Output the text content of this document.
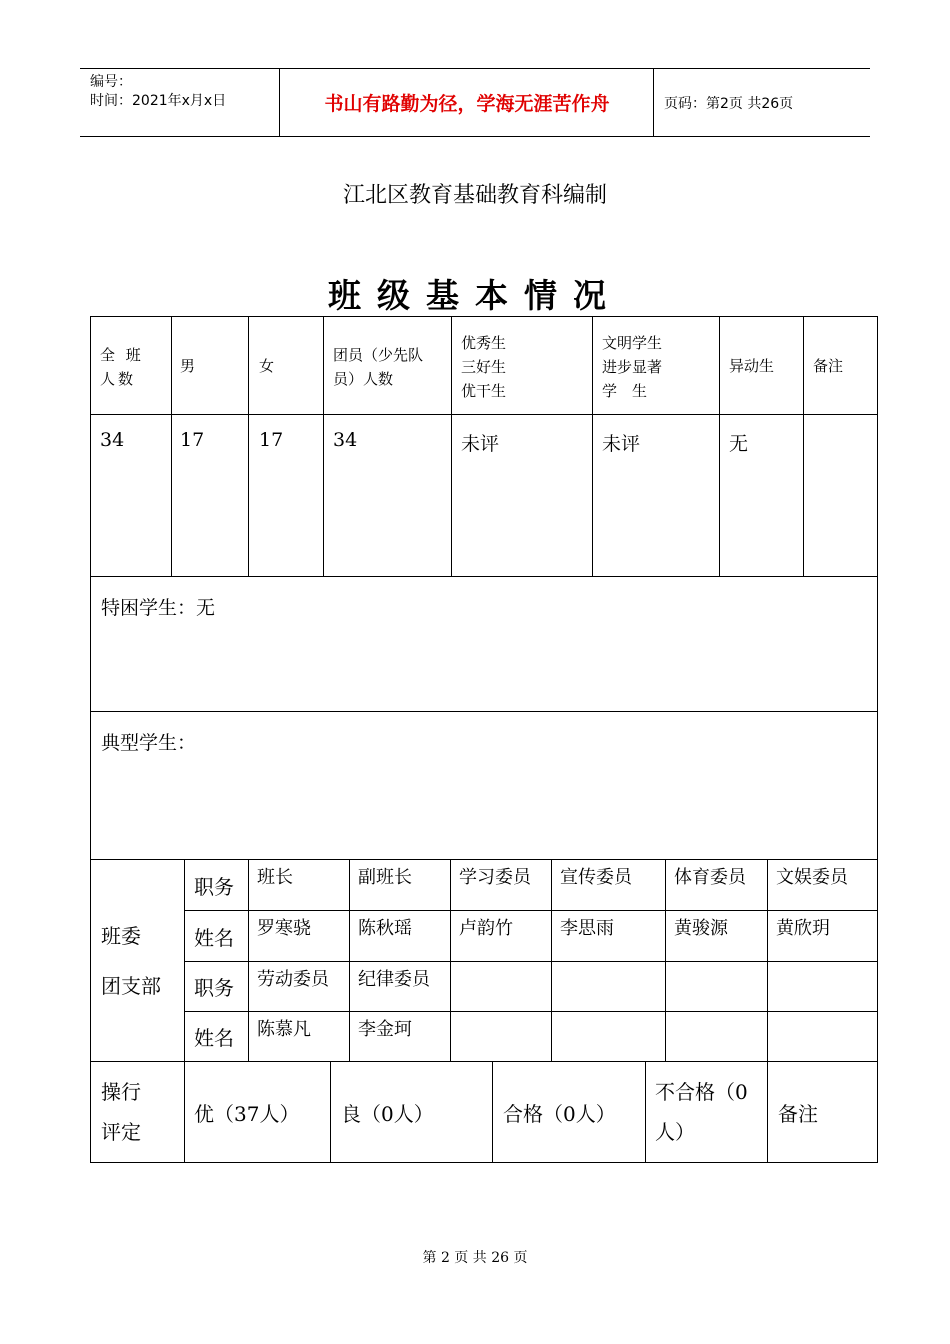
编号：
时间：2021年x月x日	书山有路勤为径，学海无涯苦作舟	页码：第2页 共26页
江北区教育基础教育科编制
班级基本情况
全 班 人数	男	女	团员（少先队员）人数	优秀生
三好生
优干生	文明学生
进步显著
学　生	异动生	备注
34	17	17	34	未评	未评	无	
特困学生：无							
典型学生：							
班委
团支部	职务	班长	副班长	学习委员	宣传委员	体育委员	文娱委员
	姓名	罗寒骁	陈秋瑶	卢韵竹	李思雨	黄骏源	黄欣玥
	职务	劳动委员	纪律委员				
	姓名	陈慕凡	李金珂				
操行
评定	优（37人）	良（0人）	合格（0人）	不合格（0人）	备注
第 2 页 共 26 页
